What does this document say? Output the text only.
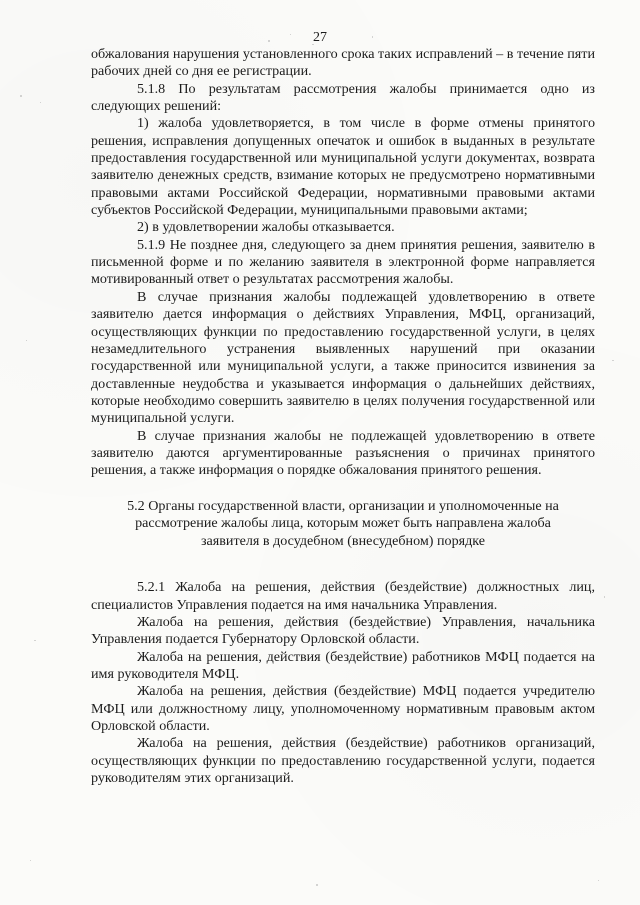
27

обжалования нарушения установленного срока таких исправлений – в течение пяти рабочих дней со дня ее регистрации.

5.1.8 По результатам рассмотрения жалобы принимается одно из следующих решений:

1) жалоба удовлетворяется, в том числе в форме отмены принятого решения, исправления допущенных опечаток и ошибок в выданных в результате предоставления государственной или муниципальной услуги документах, возврата заявителю денежных средств, взимание которых не предусмотрено нормативными правовыми актами Российской Федерации, нормативными правовыми актами субъектов Российской Федерации, муниципальными правовыми актами;

2) в удовлетворении жалобы отказывается.

5.1.9 Не позднее дня, следующего за днем принятия решения, заявителю в письменной форме и по желанию заявителя в электронной форме направляется мотивированный ответ о результатах рассмотрения жалобы.

В случае признания жалобы подлежащей удовлетворению в ответе заявителю дается информация о действиях Управления, МФЦ, организаций, осуществляющих функции по предоставлению государственной услуги, в целях незамедлительного устранения выявленных нарушений при оказании государственной или муниципальной услуги, а также приносится извинения за доставленные неудобства и указывается информация о дальнейших действиях, которые необходимо совершить заявителю в целях получения государственной или муниципальной услуги.

В случае признания жалобы не подлежащей удовлетворению в ответе заявителю даются аргументированные разъяснения о причинах принятого решения, а также информация о порядке обжалования принятого решения.

5.2 Органы государственной власти, организации и уполномоченные на
рассмотрение жалобы лица, которым может быть направлена жалоба
заявителя в досудебном (внесудебном) порядке

5.2.1 Жалоба на решения, действия (бездействие) должностных лиц, специалистов Управления подается на имя начальника Управления.

Жалоба на решения, действия (бездействие) Управления, начальника Управления подается Губернатору Орловской области.

Жалоба на решения, действия (бездействие) работников МФЦ подается на имя руководителя МФЦ.

Жалоба на решения, действия (бездействие) МФЦ подается учредителю МФЦ или должностному лицу, уполномоченному нормативным правовым актом Орловской области.

Жалоба на решения, действия (бездействие) работников организаций, осуществляющих функции по предоставлению государственной услуги, подается руководителям этих организаций.
